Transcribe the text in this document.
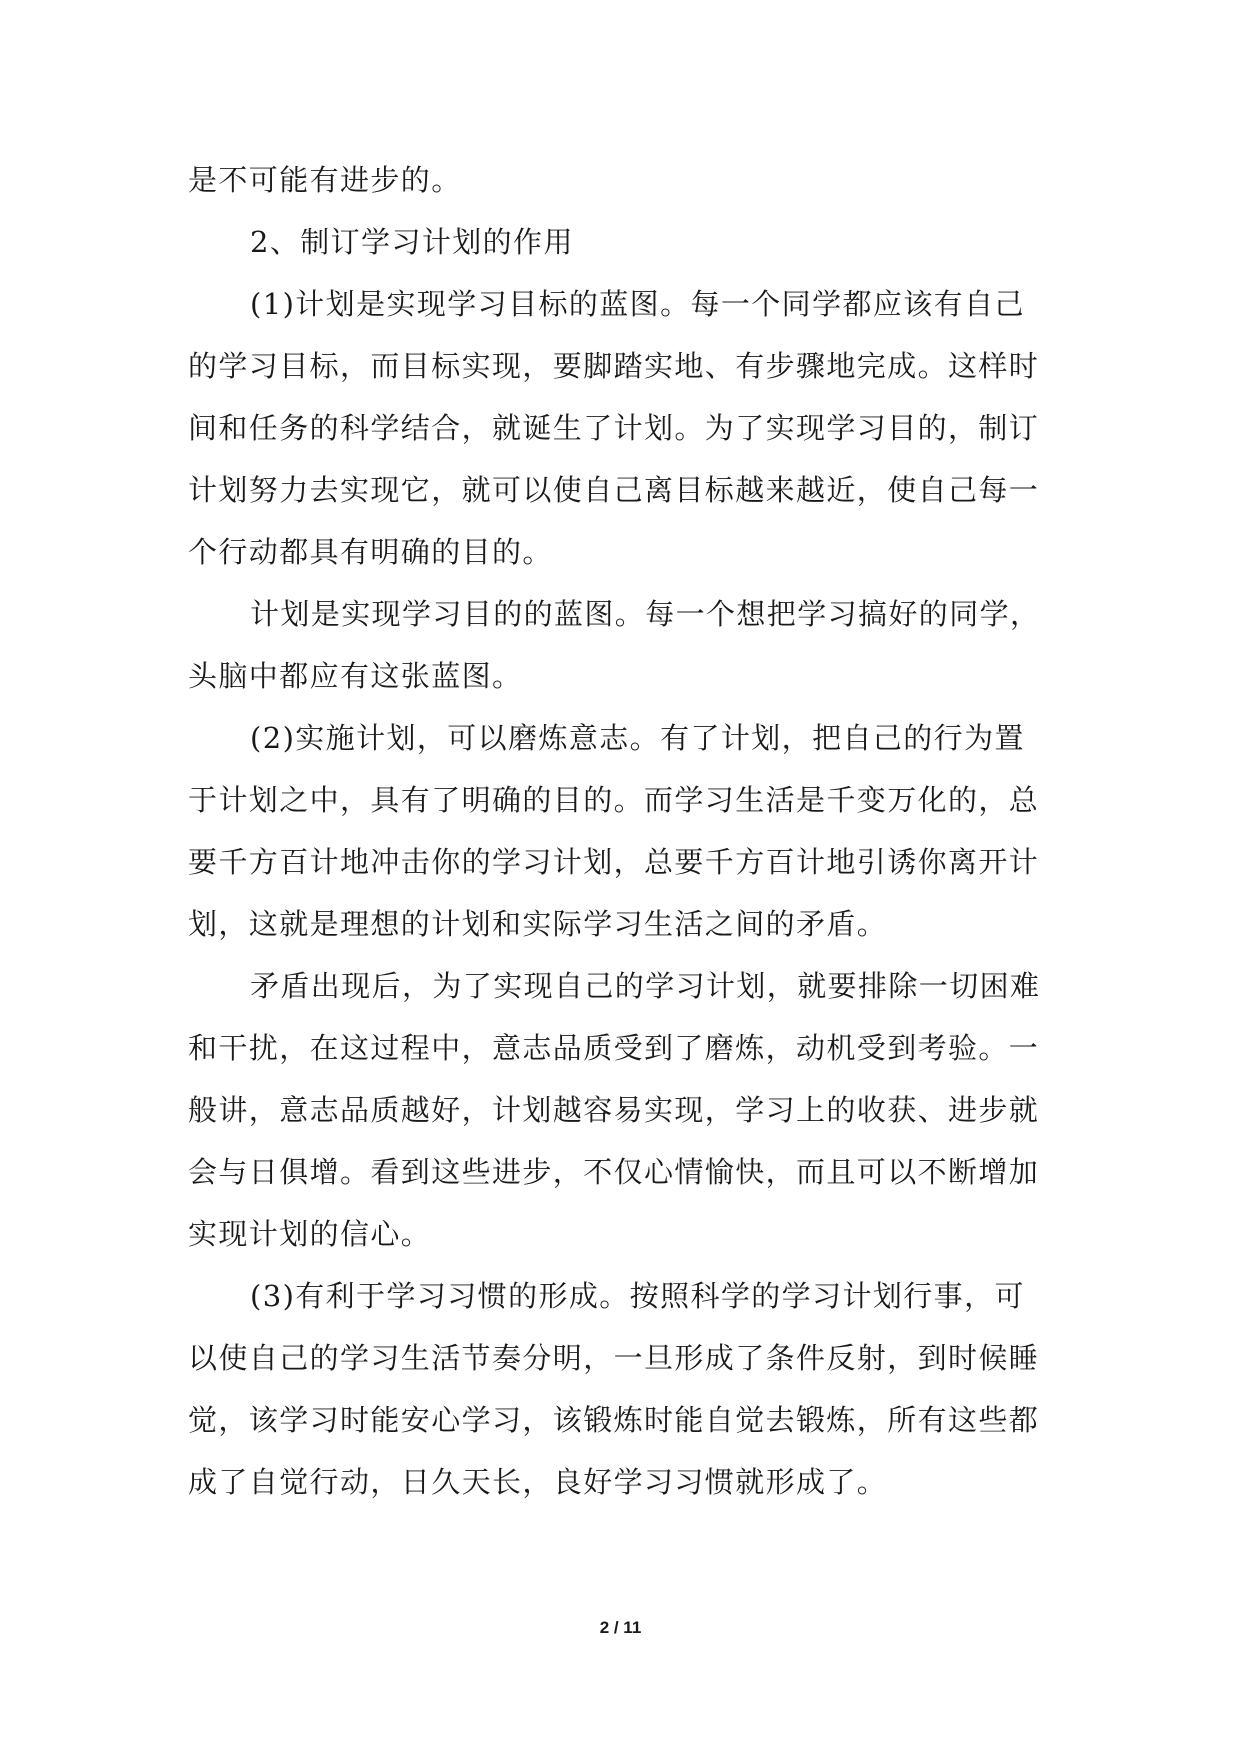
是不可能有进步的。
2、制订学习计划的作用
(1)计划是实现学习目标的蓝图。每一个同学都应该有自己
的学习目标，而目标实现，要脚踏实地、有步骤地完成。这样时
间和任务的科学结合，就诞生了计划。为了实现学习目的，制订
计划努力去实现它，就可以使自己离目标越来越近，使自己每一
个行动都具有明确的目的。
计划是实现学习目的的蓝图。每一个想把学习搞好的同学，
头脑中都应有这张蓝图。
(2)实施计划，可以磨炼意志。有了计划，把自己的行为置
于计划之中，具有了明确的目的。而学习生活是千变万化的，总
要千方百计地冲击你的学习计划，总要千方百计地引诱你离开计
划，这就是理想的计划和实际学习生活之间的矛盾。
矛盾出现后，为了实现自己的学习计划，就要排除一切困难
和干扰，在这过程中，意志品质受到了磨炼，动机受到考验。一
般讲，意志品质越好，计划越容易实现，学习上的收获、进步就
会与日俱增。看到这些进步，不仅心情愉快，而且可以不断增加
实现计划的信心。
(3)有利于学习习惯的形成。按照科学的学习计划行事，可
以使自己的学习生活节奏分明，一旦形成了条件反射，到时候睡
觉，该学习时能安心学习，该锻炼时能自觉去锻炼，所有这些都
成了自觉行动，日久天长，良好学习习惯就形成了。
2 / 11
